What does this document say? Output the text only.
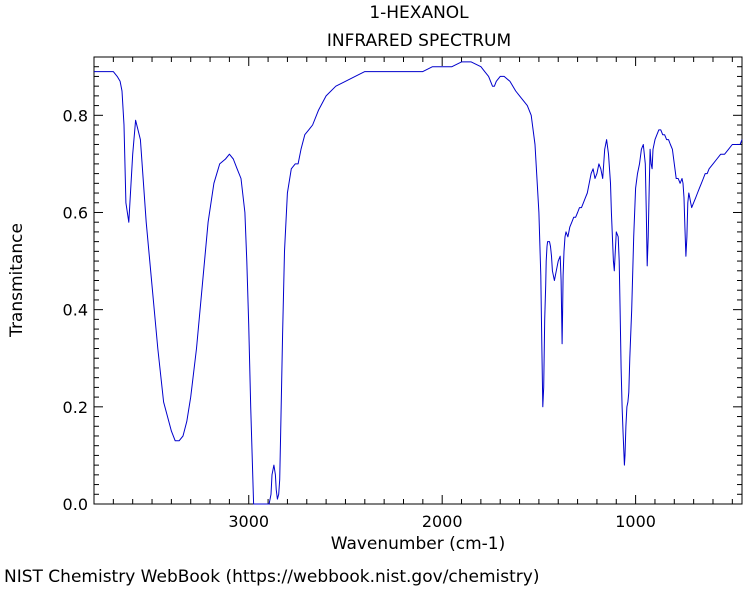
1-HEXANOL
INFRARED SPECTRUM
3000	2000	1000
0.0
0.2
0.4
0.6
0.8
Transmitance
Wavenumber (cm-1)
NIST Chemistry WebBook (https://webbook.nist.gov/chemistry)
